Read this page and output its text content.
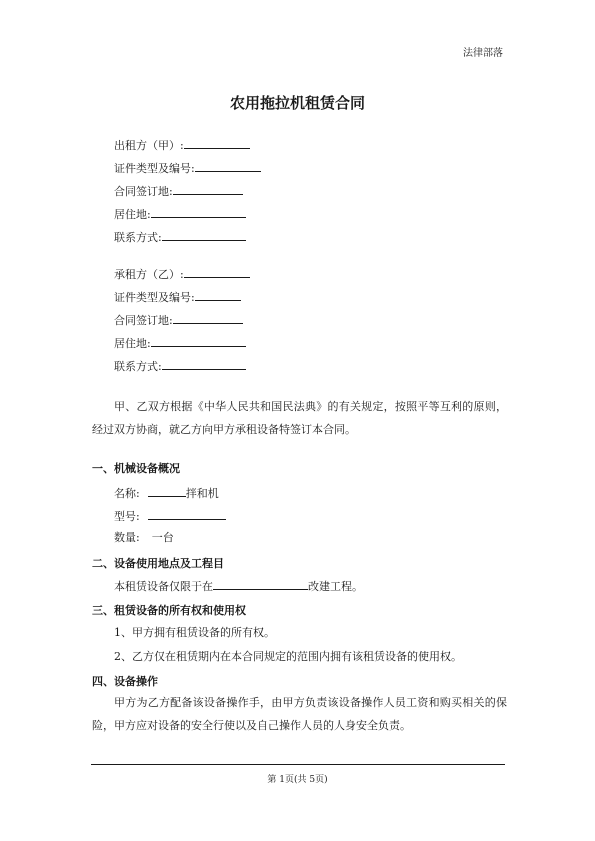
法律部落
农用拖拉机租赁合同
出租方（甲）:
证件类型及编号:
合同签订地:
居住地:
联系方式:
承租方（乙）:
证件类型及编号:
合同签订地:
居住地:
联系方式:
甲、乙双方根据《中华人民共和国民法典》的有关规定，按照平等互利的原则，经过双方协商，就乙方向甲方承租设备特签订本合同。
一、机械设备概况
名称:	拌和机
型号:
数量: 一台
二、设备使用地点及工程目
本租赁设备仅限于在	改建工程。
三、租赁设备的所有权和使用权
1、甲方拥有租赁设备的所有权。
2、乙方仅在租赁期内在本合同规定的范围内拥有该租赁设备的使用权。
四、设备操作
甲方为乙方配备该设备操作手，由甲方负责该设备操作人员工资和购买相关的保险，甲方应对设备的安全行使以及自己操作人员的人身安全负责。
第 1页(共 5页)
